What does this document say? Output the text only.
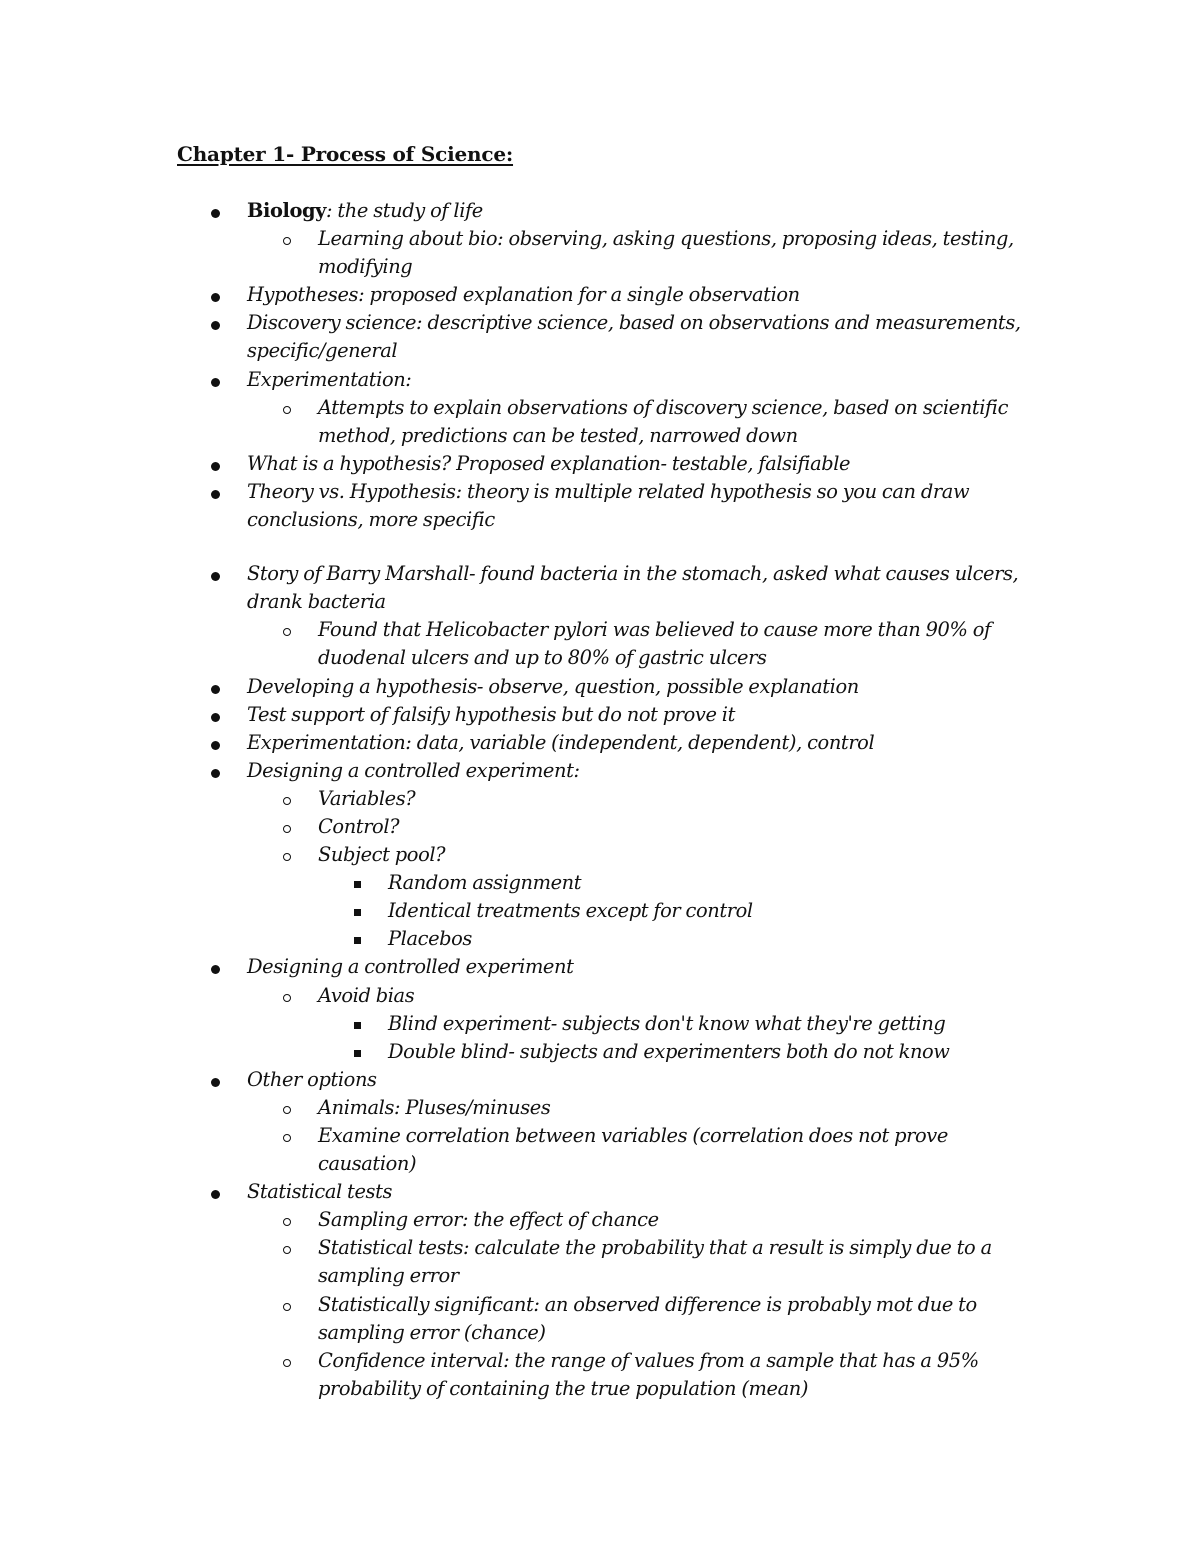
Chapter 1- Process of Science:
Biology: the study of life
Learning about bio: observing, asking questions, proposing ideas, testing, modifying
Hypotheses: proposed explanation for a single observation
Discovery science: descriptive science, based on observations and measurements, specific/general
Experimentation:
Attempts to explain observations of discovery science, based on scientific method, predictions can be tested, narrowed down
What is a hypothesis? Proposed explanation- testable, falsifiable
Theory vs. Hypothesis: theory is multiple related hypothesis so you can draw conclusions, more specific
Story of Barry Marshall- found bacteria in the stomach, asked what causes ulcers, drank bacteria
Found that Helicobacter pylori was believed to cause more than 90% of duodenal ulcers and up to 80% of gastric ulcers
Developing a hypothesis- observe, question, possible explanation
Test support of falsify hypothesis but do not prove it
Experimentation: data, variable (independent, dependent), control
Designing a controlled experiment:
Variables?
Control?
Subject pool?
Random assignment
Identical treatments except for control
Placebos
Designing a controlled experiment
Avoid bias
Blind experiment- subjects don't know what they're getting
Double blind- subjects and experimenters both do not know
Other options
Animals: Pluses/minuses
Examine correlation between variables (correlation does not prove causation)
Statistical tests
Sampling error: the effect of chance
Statistical tests: calculate the probability that a result is simply due to a sampling error
Statistically significant: an observed difference is probably mot due to sampling error (chance)
Confidence interval: the range of values from a sample that has a 95% probability of containing the true population (mean)
